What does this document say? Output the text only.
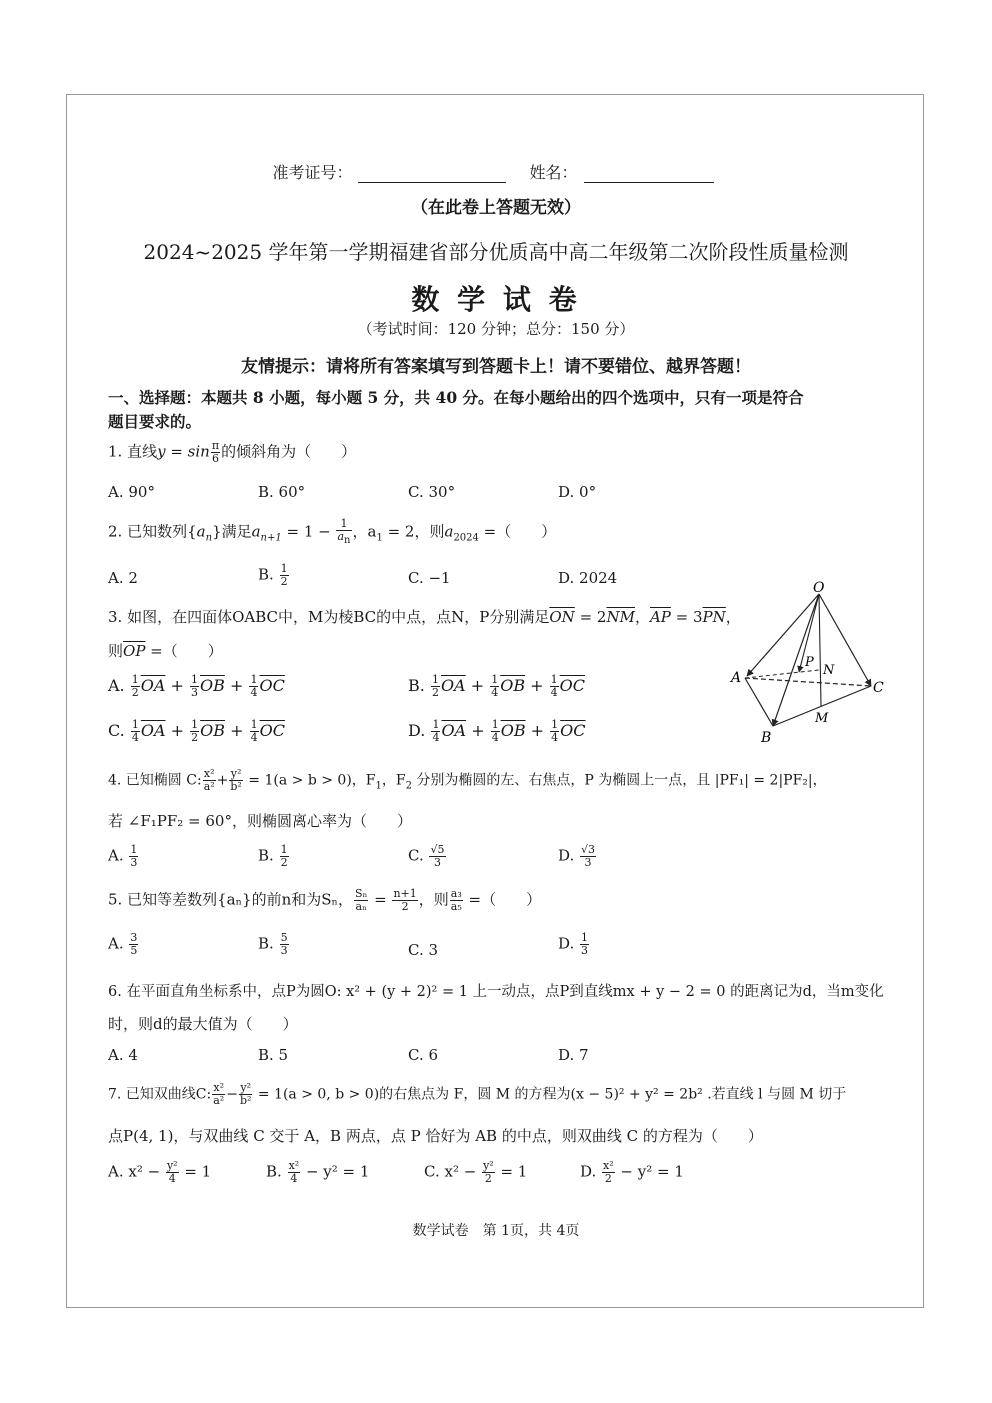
准考证号：	姓名：
（在此卷上答题无效）
2024~2025 学年第一学期福建省部分优质高中高二年级第二次阶段性质量检测
数 学 试 卷
（考试时间：120 分钟；总分：150 分）
友情提示：请将所有答案填写到答题卡上！请不要错位、越界答题！
一、选择题：本题共 8 小题，每小题 5 分，共 40 分。在每小题给出的四个选项中，只有一项是符合
题目要求的。
1. 直线$y = \sin \frac{\pi}{6}$ 的倾斜角为（　　）
A. 90°	B. 60°	C. 30°	D. 0°
2. 已知数列$\{a_n\}$满足$a_{n+1} = 1 - \frac{1}{a_n}$ ，$a_1 = 2$，则$a_{2024}$ =（　　）
A. 2	B. $\frac{1}{2}$	C. −1	D. 2024
3. 如图，在四面体OABC中，M为棱BC的中点，点N，P分别满足$\overline{ON} = 2\overline{NM}$，$\overline{AP} = 3\overline{PN}$，
则$\overline{OP}$ =（　　）
A. $\frac{1}{2} \overline{OA} + \frac{1}{3} \overline{OB} + \frac{1}{4} \overline{OC}$	B. $\frac{1}{2} \overline{OA} + \frac{1}{4} \overline{OB} + \frac{1}{4} \overline{OC}$
C. $\frac{1}{4} \overline{OA} + \frac{1}{2} \overline{OB} + \frac{1}{4} \overline{OC}$	D. $\frac{1}{4} \overline{OA} + \frac{1}{4} \overline{OB} + \frac{1}{4} \overline{OC}$
O
A
B
C
P
N
M
4. 已知椭圆 C: $\frac{\text{x²}}{\text{a²}} + \frac{\text{y²}}{\text{b²}} = 1(a > b > 0)$，$F_1$，$F_2$ 分别为椭圆的左、右焦点，P 为椭圆上一点，且 |PF₁| = 2|PF₂|，
若 ∠F₁PF₂ = 60°，则椭圆离心率为（　　）
A. $\frac{1}{3}$	B. $\frac{1}{2}$	C. $\frac{√5}{3}$	D. $\frac{√3}{3}$
5. 已知等差数列{aₙ}的前n和为Sₙ， $\frac{\text{Sₙ}}{\text{aₙ}} = \frac{n+1}{2}$ ，则 $\frac{\text{a₃}}{\text{a₅}}$ =（　　）
A. $\frac{3}{5}$	B. $\frac{5}{3}$	C. 3	D. $\frac{1}{3}$
6. 在平面直角坐标系中，点P为圆O: x² + (y + 2)² = 1 上一动点，点P到直线mx + y − 2 = 0 的距离记为d，当m变化
时，则d的最大值为（　　）
A. 4	B. 5	C. 6	D. 7
7. 已知双曲线C: $\frac{\text{x²}}{\text{a²}} - \frac{\text{y²}}{\text{b²}} = 1(a > 0$, b > 0)的右焦点为 F，圆 M 的方程为(x − 5)² + y² = 2b² .若直线 l 与圆 M 切于
点P(4, 1)，与双曲线 C 交于 A，B 两点，点 P 恰好为 AB 的中点，则双曲线 C 的方程为（　　）
A. $x^2 - \frac{\text{y²}}{4} = 1$	B. $\frac{\text{x²}}{4} - y^2 = 1$	C. $x^2 - \frac{\text{y²}}{2} = 1$	D. $\frac{\text{x²}}{2} - y^2 = 1$
数学试卷　第 1页，共 4页
